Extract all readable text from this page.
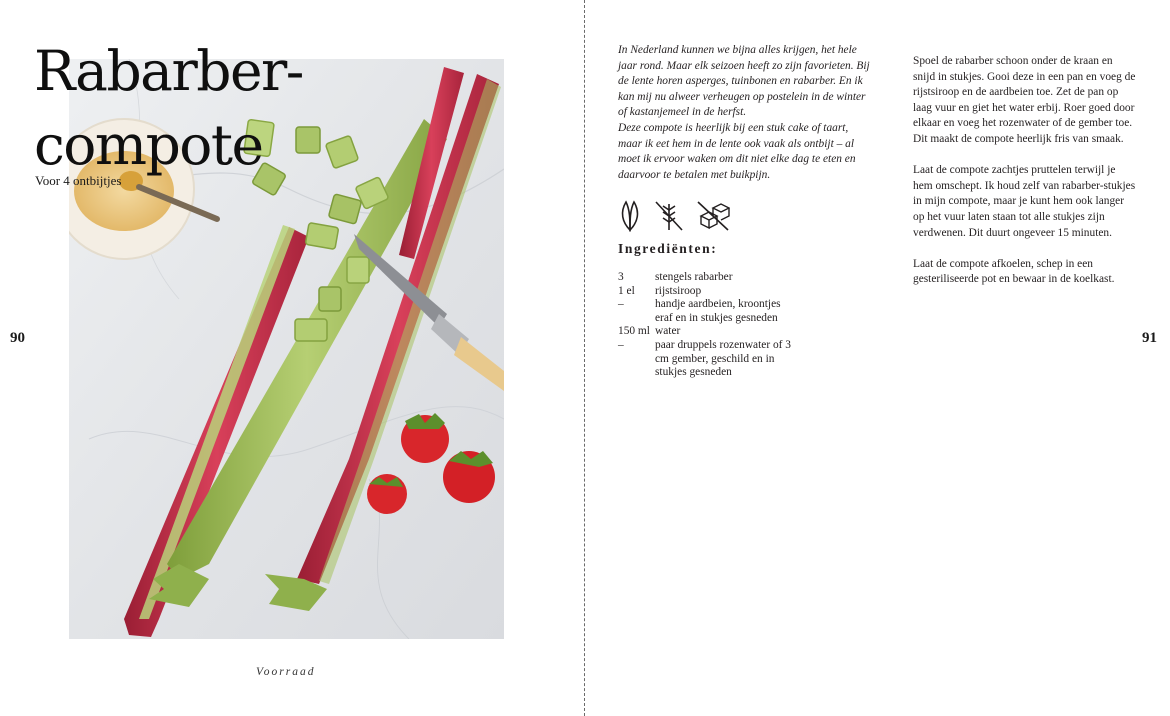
Rabarber-
compote
Voor 4 ontbijtjes
90
Voorraad

In Nederland kunnen we bijna alles krijgen, het hele jaar rond. Maar elk seizoen heeft zo zijn favorieten. Bij de lente horen asperges, tuinbonen en rabarber. En ik kan mij nu alweer verheugen op postelein in de winter of kastanjemeel in de herfst.

Deze compote is heerlijk bij een stuk cake of taart, maar ik eet hem in de lente ook vaak als ontbijt – al moet ik ervoor waken om dit niet elke dag te eten en daarvoor te betalen met buikpijn.

Ingrediënten:
3	stengels rabarber
1 el	rijstsiroop
–	handje aardbeien, kroontjes eraf en in stukjes gesneden
150 ml water
–	paar druppels rozenwater of 3 cm gember, geschild en in stukjes gesneden

Spoel de rabarber schoon onder de kraan en snijd in stukjes. Gooi deze in een pan en voeg de rijstsiroop en de aardbeien toe. Zet de pan op laag vuur en giet het water erbij. Roer goed door elkaar en voeg het rozenwater of de gember toe. Dit maakt de compote heerlijk fris van smaak.

Laat de compote zachtjes pruttelen terwijl je hem omschept. Ik houd zelf van rabarber-stukjes in mijn compote, maar je kunt hem ook langer op het vuur laten staan tot alle stukjes zijn verdwenen. Dit duurt ongeveer 15 minuten.

Laat de compote afkoelen, schep in een gesteriliseerde pot en bewaar in de koelkast.

91
